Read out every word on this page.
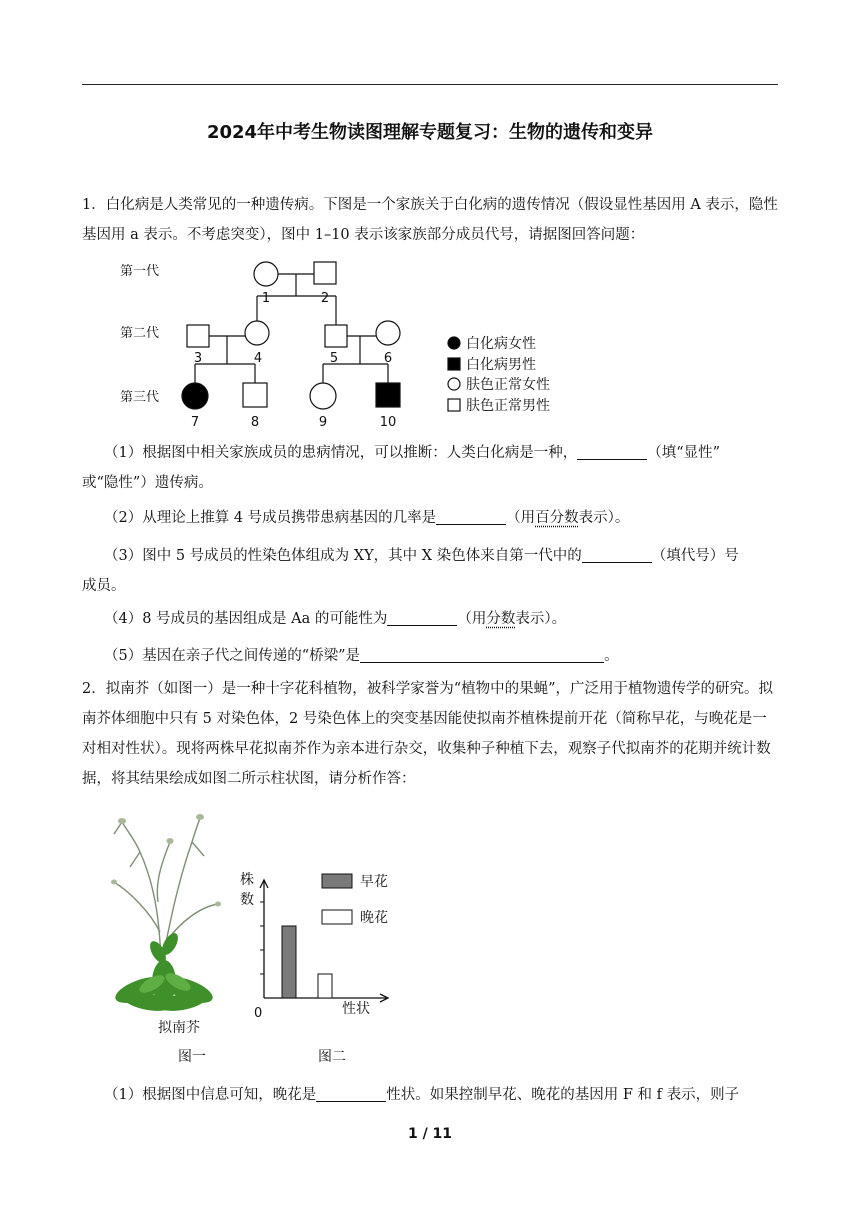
2024年中考生物读图理解专题复习：生物的遗传和变异
1．白化病是人类常见的一种遗传病。下图是一个家族关于白化病的遗传情况（假设显性基因用 A 表示，隐性基因用 a 表示。不考虑突变），图中 1–10 表示该家族部分成员代号，请据图回答问题：
第一代
第二代
第三代
1	2
3	4	5	6
7	8	9	10
白化病女性
白化病男性
肤色正常女性
肤色正常男性
（1）根据图中相关家族成员的患病情况，可以推断：人类白化病是一种，	（填“显性”
或“隐性”）遗传病。
（2）从理论上推算 4 号成员携带患病基因的几率是	（用百分数表示）。
（3）图中 5 号成员的性染色体组成为 XY，其中 X 染色体来自第一代中的	（填代号）号
成员。
（4）8 号成员的基因组成是 Aa 的可能性为	（用分数表示）。
（5）基因在亲子代之间传递的“桥梁”是	。
2．拟南芥（如图一）是一种十字花科植物，被科学家誉为“植物中的果蝇”，广泛用于植物遗传学的研究。拟南芥体细胞中只有 5 对染色体，2 号染色体上的突变基因能使拟南芥植株提前开花（简称早花，与晚花是一对相对性状）。现将两株早花拟南芥作为亲本进行杂交，收集种子种植下去，观察子代拟南芥的花期并统计数据，将其结果绘成如图二所示柱状图，请分析作答：
拟南芥
图一
株
数
0	性状
早花
晚花
图二
（1）根据图中信息可知，晚花是	性状。如果控制早花、晚花的基因用 F 和 f 表示，则子
1 / 11
